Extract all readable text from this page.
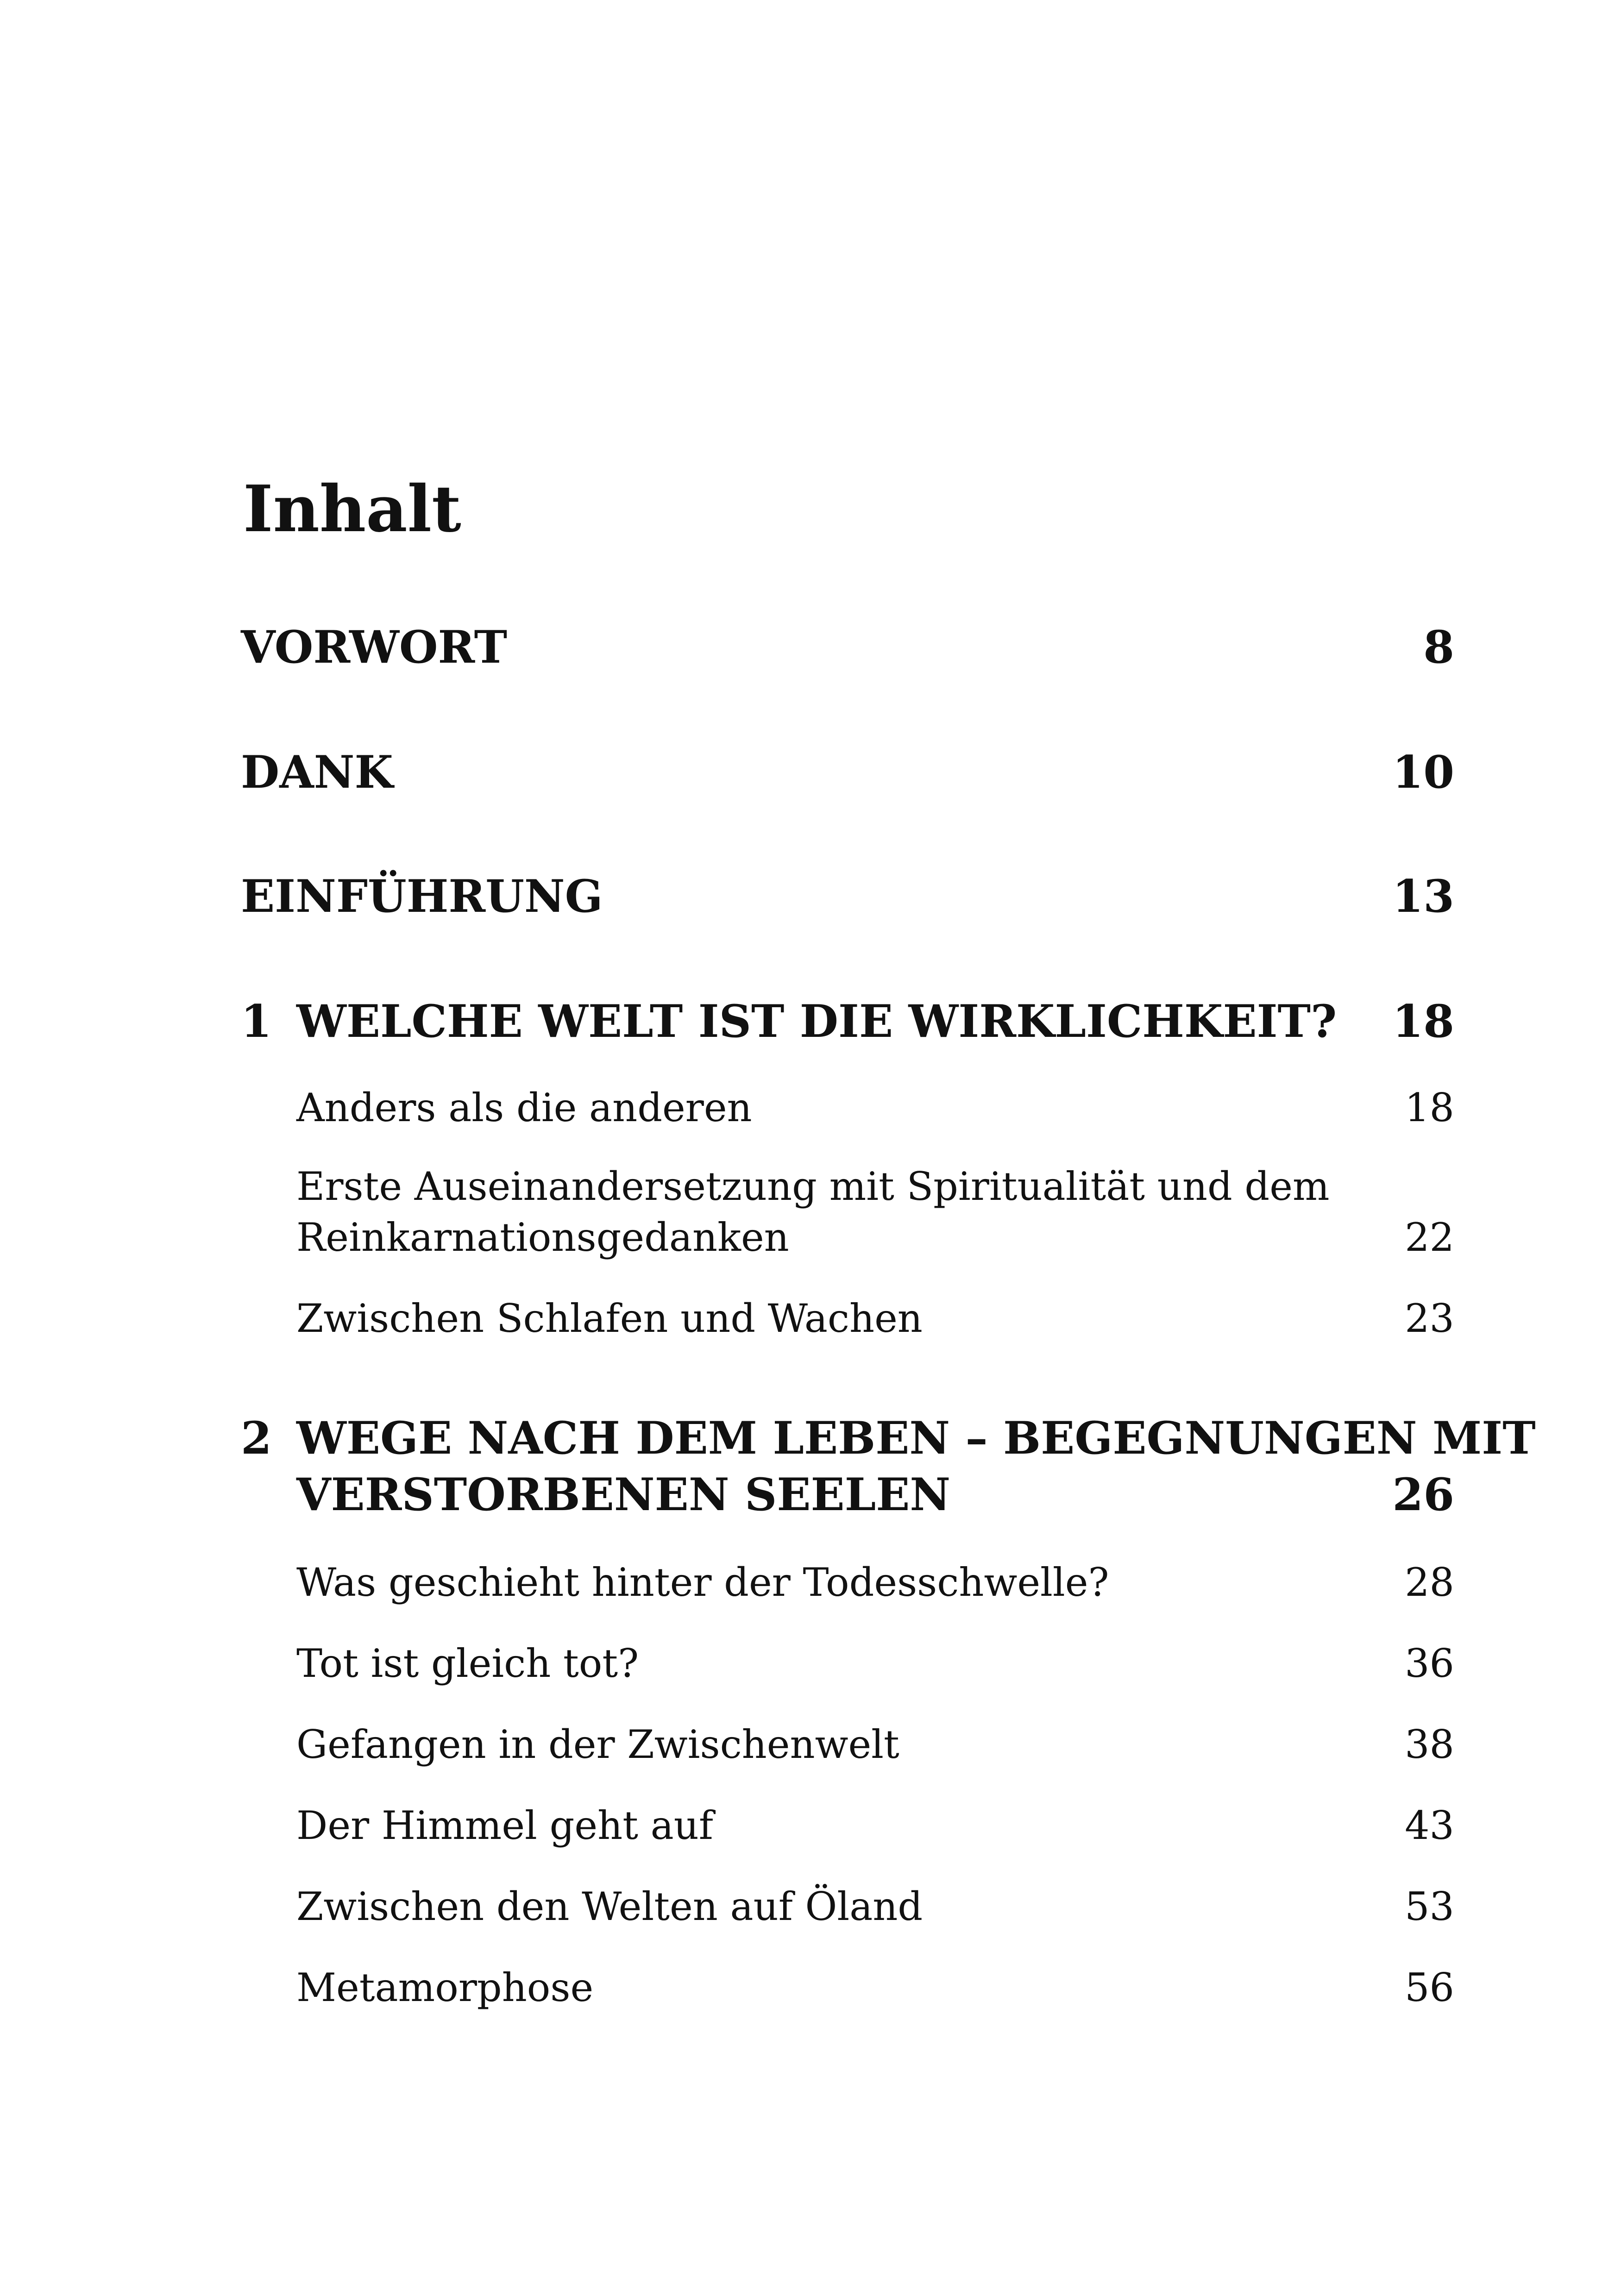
Inhalt
VORWORT	8
DANK	10
EINFÜHRUNG	13
1 WELCHE WELT IST DIE WIRKLICHKEIT? 18
Anders als die anderen	18
Erste Auseinandersetzung mit Spiritualität und dem
Reinkarnationsgedanken	22
Zwischen Schlafen und Wachen	23
2 WEGE NACH DEM LEBEN – BEGEGNUNGEN MIT
VERSTORBENEN SEELEN	26
Was geschieht hinter der Todesschwelle?	28
Tot ist gleich tot?	36
Gefangen in der Zwischenwelt	38
Der Himmel geht auf	43
Zwischen den Welten auf Öland	53
Metamorphose	56
